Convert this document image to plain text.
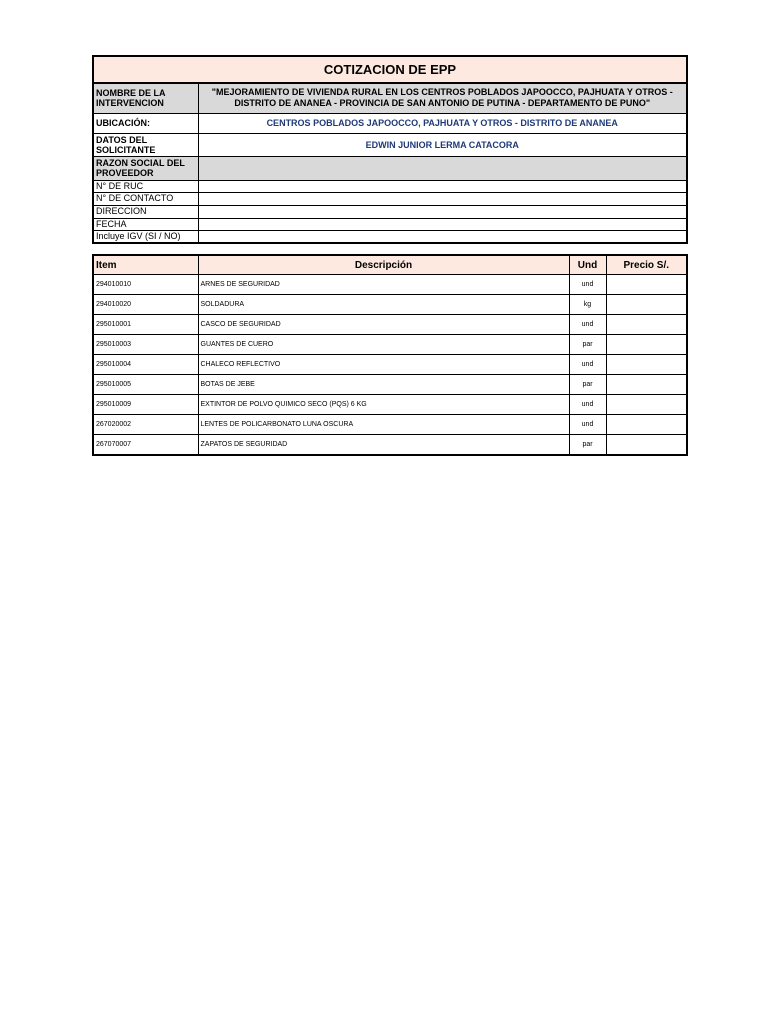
COTIZACION DE EPP	
NOMBRE DE LA INTERVENCION	"MEJORAMIENTO DE VIVIENDA RURAL EN LOS CENTROS POBLADOS JAPOOCCO, PAJHUATA Y OTROS - DISTRITO DE ANANEA - PROVINCIA DE SAN ANTONIO DE PUTINA - DEPARTAMENTO DE PUNO"
UBICACIÓN:	CENTROS POBLADOS JAPOOCCO, PAJHUATA Y OTROS - DISTRITO DE ANANEA
DATOS DEL SOLICITANTE	EDWIN JUNIOR LERMA CATACORA
RAZON SOCIAL DEL PROVEEDOR	
N° DE RUC	
N° DE CONTACTO	
DIRECCION	
FECHA	
Incluye IGV (SI / NO)	
Item	Descripción	Und	Precio S/.
294010010	ARNES DE SEGURIDAD	und	
294010020	SOLDADURA	kg	
295010001	CASCO DE SEGURIDAD	und	
295010003	GUANTES DE CUERO	par	
295010004	CHALECO REFLECTIVO	und	
295010005	BOTAS DE JEBE	par	
295010009	EXTINTOR DE POLVO QUIMICO SECO (PQS) 6 KG	und	
267020002	LENTES DE POLICARBONATO LUNA OSCURA	und	
267070007	ZAPATOS DE SEGURIDAD	par	
